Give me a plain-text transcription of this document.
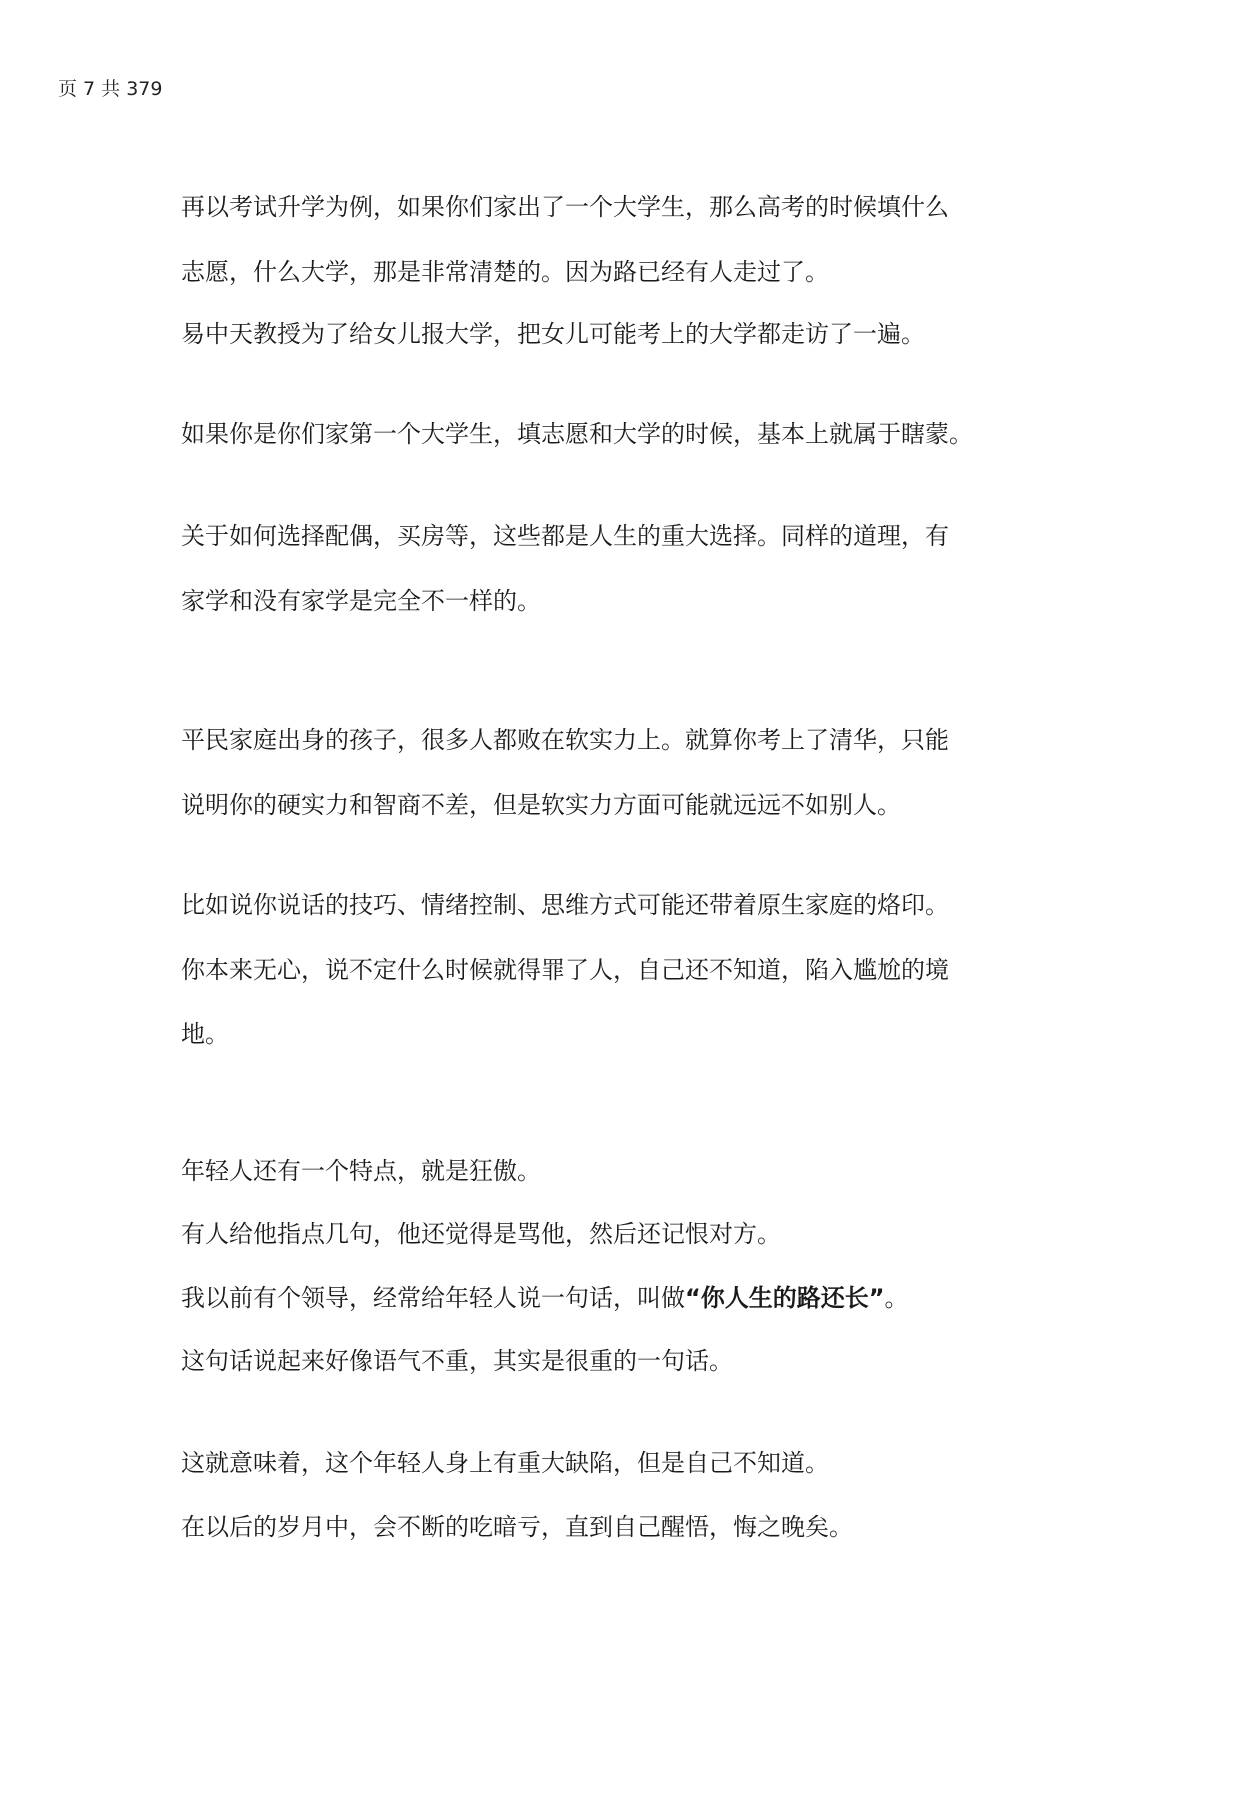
页 7 共 379
再以考试升学为例，如果你们家出了一个大学生，那么高考的时候填什么
志愿，什么大学，那是非常清楚的。因为路已经有人走过了。
易中天教授为了给女儿报大学，把女儿可能考上的大学都走访了一遍。
如果你是你们家第一个大学生，填志愿和大学的时候，基本上就属于瞎蒙。
关于如何选择配偶，买房等，这些都是人生的重大选择。同样的道理，有
家学和没有家学是完全不一样的。
平民家庭出身的孩子，很多人都败在软实力上。就算你考上了清华，只能
说明你的硬实力和智商不差，但是软实力方面可能就远远不如别人。
比如说你说话的技巧、情绪控制、思维方式可能还带着原生家庭的烙印。
你本来无心，说不定什么时候就得罪了人，自己还不知道，陷入尴尬的境
地。
年轻人还有一个特点，就是狂傲。
有人给他指点几句，他还觉得是骂他，然后还记恨对方。
我以前有个领导，经常给年轻人说一句话，叫做“你人生的路还长”。
这句话说起来好像语气不重，其实是很重的一句话。
这就意味着，这个年轻人身上有重大缺陷，但是自己不知道。
在以后的岁月中，会不断的吃暗亏，直到自己醒悟，悔之晚矣。
